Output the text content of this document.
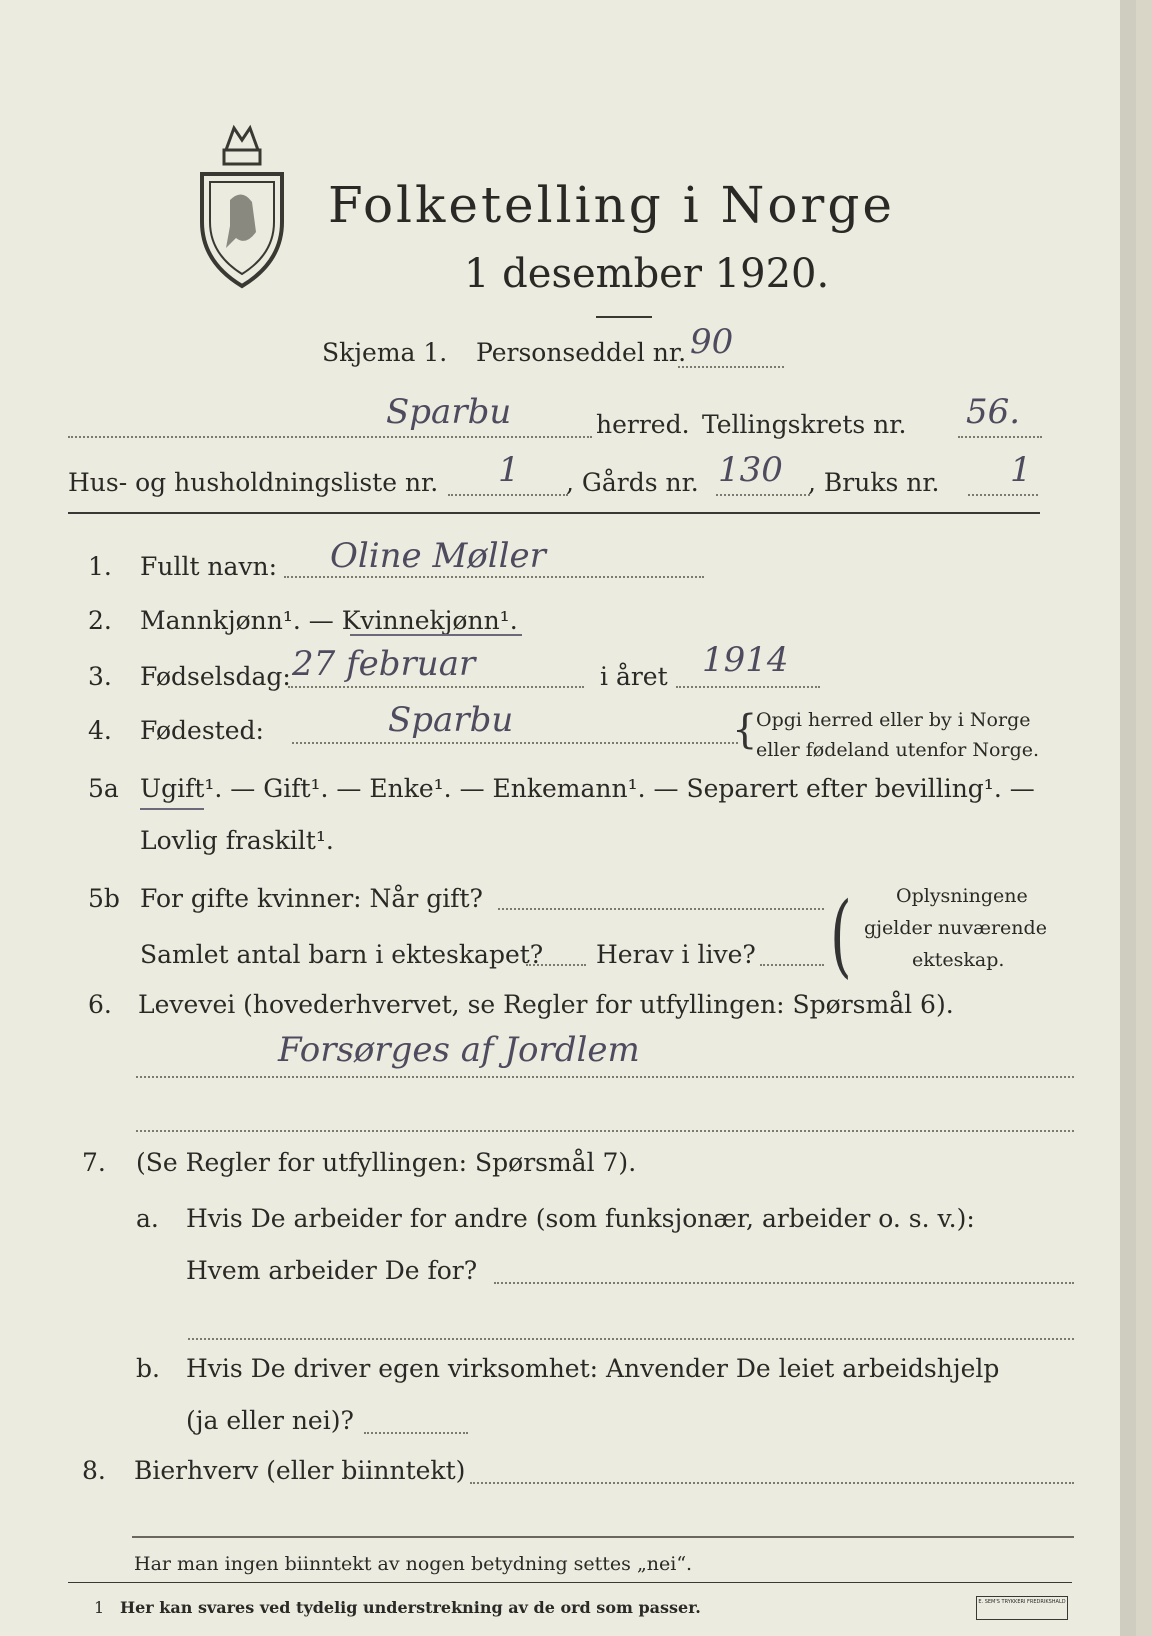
Folketelling i Norge
1 desember 1920.
Skjema 1. Personseddel nr. 90
Sparbu	herred. Tellingskrets nr. 56.
Hus- og husholdningsliste nr. 1 , Gårds nr. 130 , Bruks nr. 1
1. Fullt navn: Oline Møller
2. Mannkjønn¹. — Kvinnekjønn¹.
3. Fødselsdag: 27 februar	i året 1914
4. Fødested:	Sparbu	{
Opgi herred eller by i Norge
eller fødeland utenfor Norge.
5a Ugift¹. — Gift¹. — Enke¹. — Enkemann¹. — Separert efter bevilling¹. —
Lovlig fraskilt¹.
5b For gifte kvinner: Når gift?
Samlet antal barn i ekteskapet? Herav i live? ( Oplysningene
gjelder nuværende
ekteskap.
6. Levevei (hovederhvervet, se Regler for utfyllingen: Spørsmål 6).
Forsørges af Jordlem
7. (Se Regler for utfyllingen: Spørsmål 7).
a. Hvis De arbeider for andre (som funksjonær, arbeider o. s. v.):
Hvem arbeider De for?
b. Hvis De driver egen virksomhet: Anvender De leiet arbeidshjelp
(ja eller nei)?
8. Bierhverv (eller biinntekt)
Har man ingen biinntekt av nogen betydning settes „nei“.
1 Her kan svares ved tydelig understrekning av de ord som passer.	E. SEM'S TRYKKERI FREDRIKSHALD
